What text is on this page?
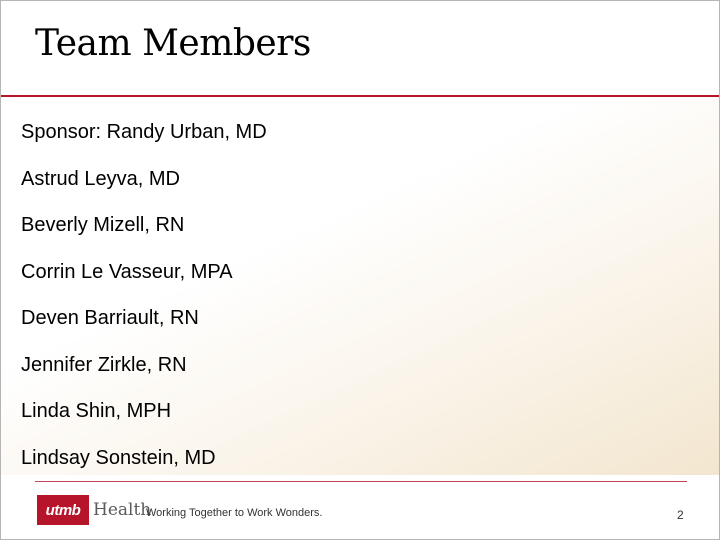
Team Members
Sponsor: Randy Urban, MD
Astrud Leyva, MD
Beverly Mizell, RN
Corrin Le Vasseur, MPA
Deven Barriault, RN
Jennifer Zirkle, RN
Linda Shin, MPH
Lindsay Sonstein, MD
utmb Health
Working Together to Work Wonders.	2
